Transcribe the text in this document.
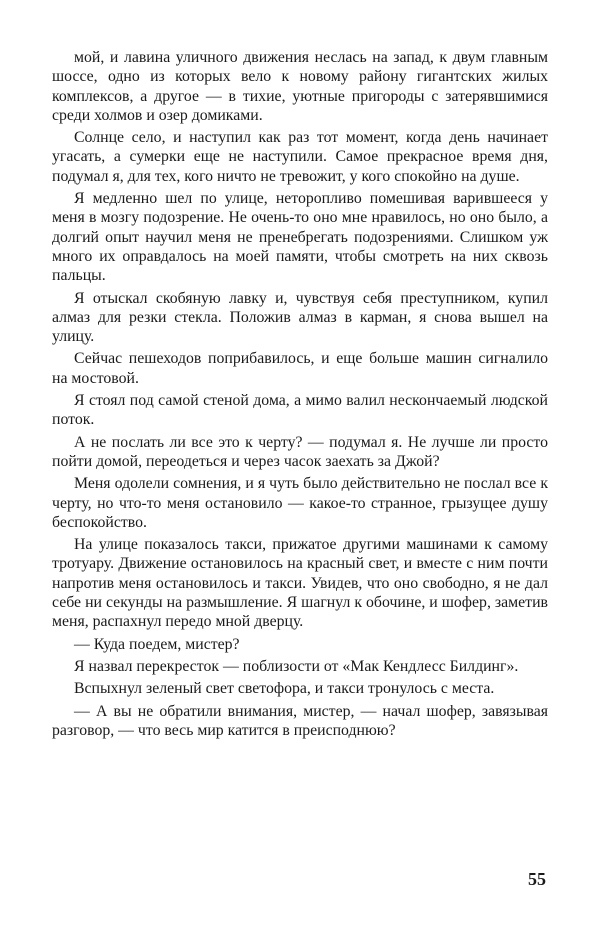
мой, и лавина уличного движения неслась на запад, к двум главным шоссе, одно из которых вело к новому району гигантских жилых комплексов, а другое — в тихие, уютные пригороды с затерявшимися среди холмов и озер домиками.

Солнце село, и наступил как раз тот момент, когда день начинает угасать, а сумерки еще не наступили. Самое прекрасное время дня, подумал я, для тех, кого ничто не тревожит, у кого спокойно на душе.

Я медленно шел по улице, неторопливо помешивая варившееся у меня в мозгу подозрение. Не очень-то оно мне нравилось, но оно было, а долгий опыт научил меня не пренебрегать подозрениями. Слишком уж много их оправдалось на моей памяти, чтобы смотреть на них сквозь пальцы.

Я отыскал скобяную лавку и, чувствуя себя преступником, купил алмаз для резки стекла. Положив алмаз в карман, я снова вышел на улицу.

Сейчас пешеходов поприбавилось, и еще больше машин сигналило на мостовой.

Я стоял под самой стеной дома, а мимо валил нескончаемый людской поток.

А не послать ли все это к черту? — подумал я. Не лучше ли просто пойти домой, переодеться и через часок заехать за Джой?

Меня одолели сомнения, и я чуть было действительно не послал все к черту, но что-то меня остановило — какое-то странное, грызущее душу беспокойство.

На улице показалось такси, прижатое другими машинами к самому тротуару. Движение остановилось на красный свет, и вместе с ним почти напротив меня остановилось и такси. Увидев, что оно свободно, я не дал себе ни секунды на размышление. Я шагнул к обочине, и шофер, заметив меня, распахнул передо мной дверцу.

— Куда поедем, мистер?

Я назвал перекресток — поблизости от «Мак Кендлесс Билдинг».

Вспыхнул зеленый свет светофора, и такси тронулось с места.

— А вы не обратили внимания, мистер, — начал шофер, завязывая разговор, — что весь мир катится в преисподнюю?

55
